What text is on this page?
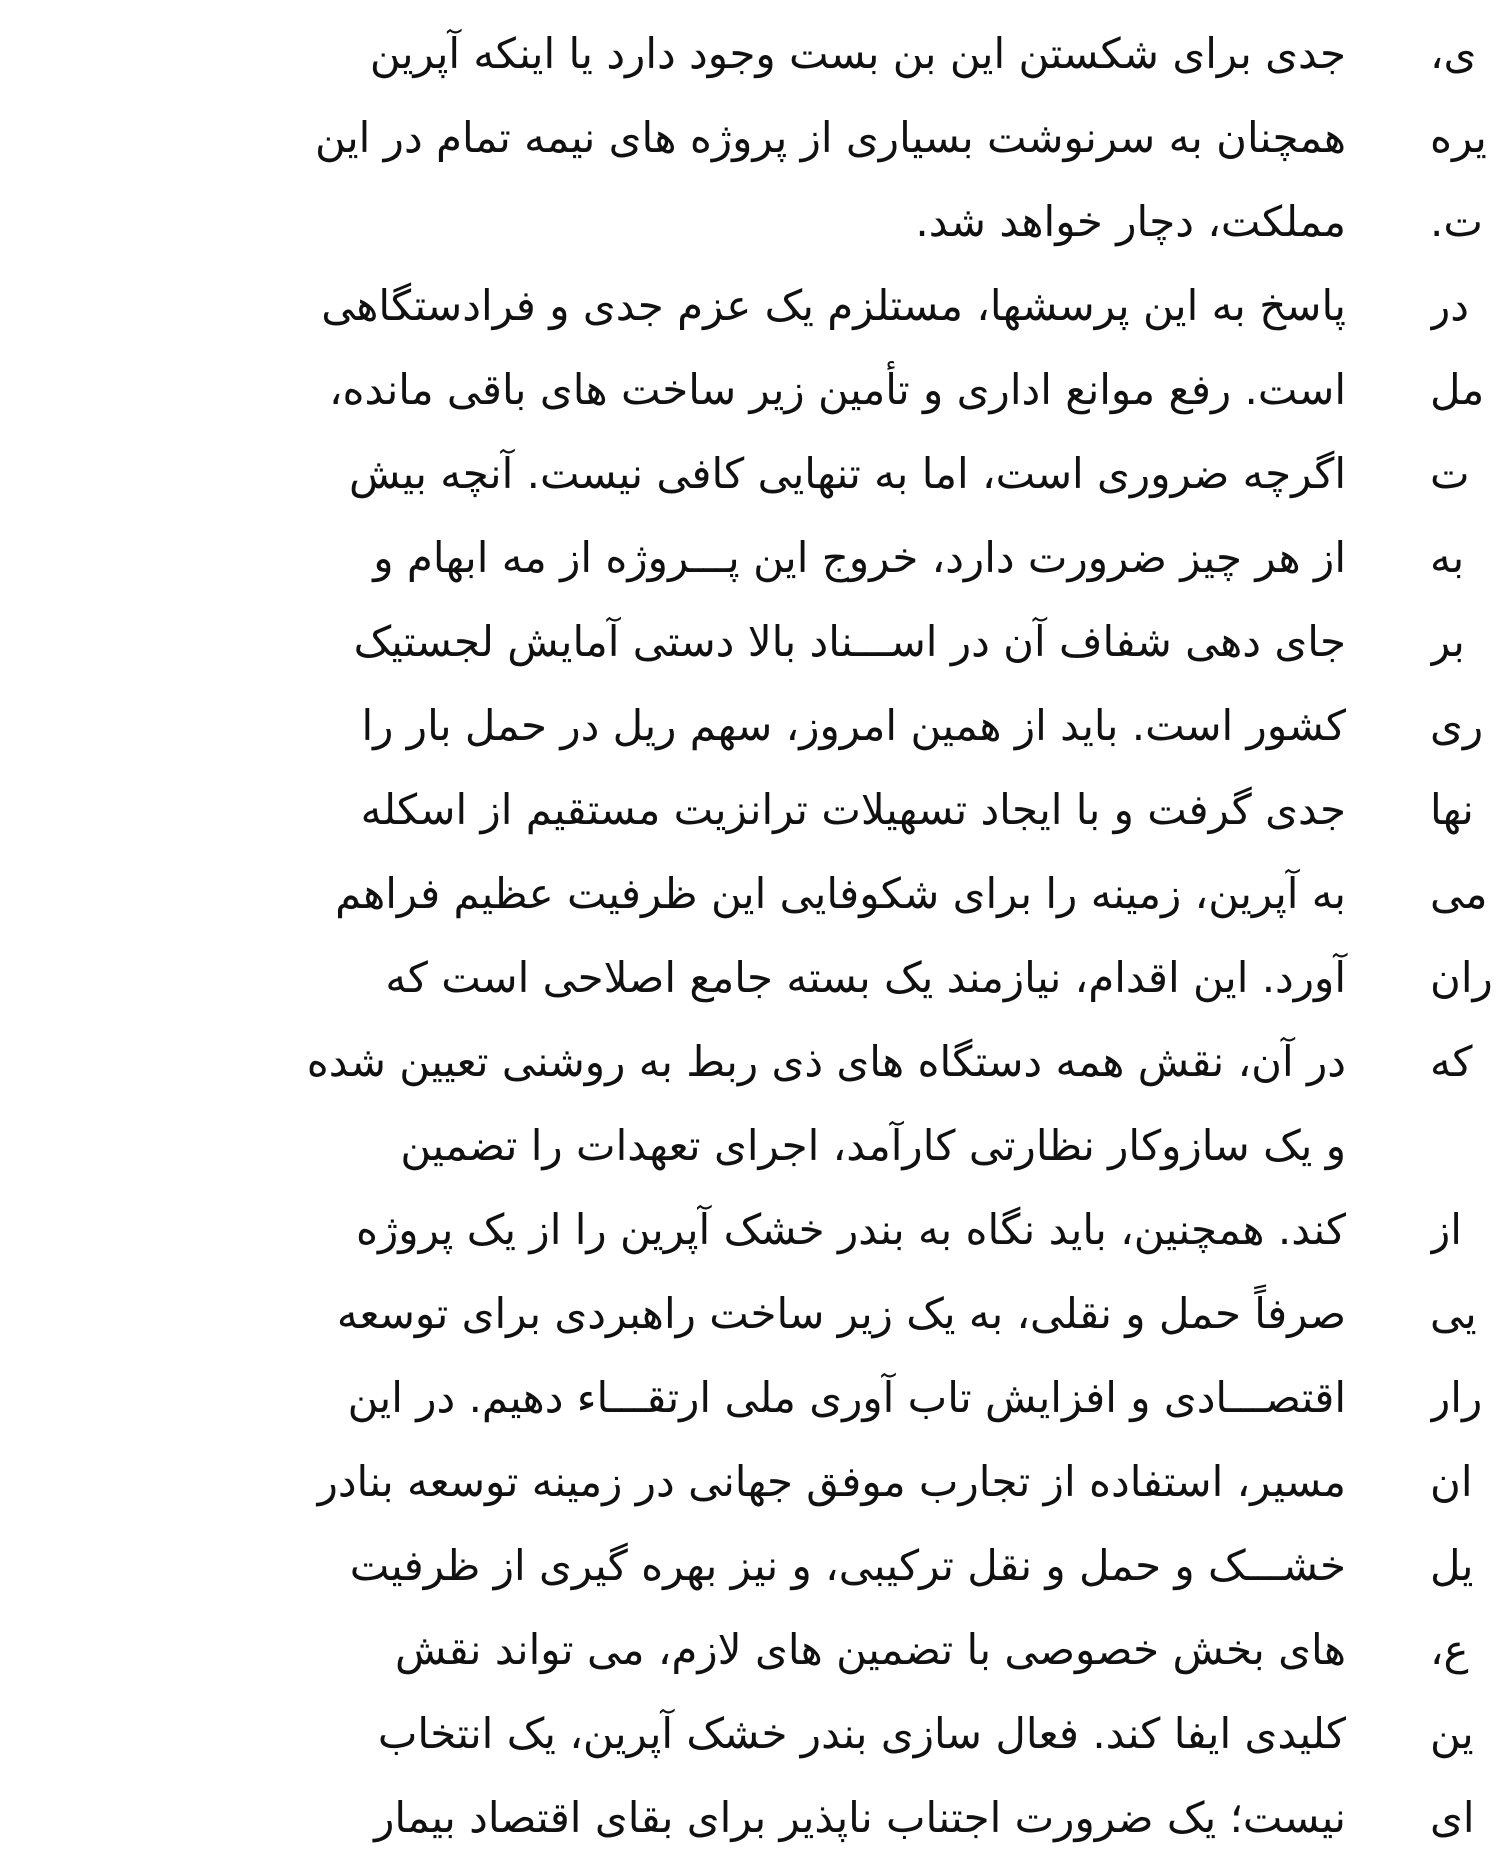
جدی برای شکستن این بن بست وجود دارد یا اینکه آپرین
همچنان به سرنوشت بسیاری از پروژه های نیمه تمام در این
مملکت، دچار خواهد شد.
پاسخ به این پرسشها، مستلزم یک عزم جدی و فرادستگاهی
است. رفع موانع اداری و تأمین زیر ساخت های باقی مانده،
اگرچه ضروری است، اما به تنهایی کافی نیست. آنچه بیش
از هر چیز ضرورت دارد، خروج این پـــروژه از مه ابهام و
جای دهی شفاف آن در اســـناد بالا دستی آمایش لجستیک
کشور است. باید از همین امروز، سهم ریل در حمل بار را
جدی گرفت و با ایجاد تسهیلات ترانزیت مستقیم از اسکله
به آپرین، زمینه را برای شکوفایی این ظرفیت عظیم فراهم
آورد. این اقدام، نیازمند یک بسته جامع اصلاحی است که
در آن، نقش همه دستگاه های ذی ربط به روشنی تعیین شده
و یک سازوکار نظارتی کارآمد، اجرای تعهدات را تضمین
کند. همچنین، باید نگاه به بندر خشک آپرین را از یک پروژه
صرفاً حمل و نقلی، به یک زیر ساخت راهبردی برای توسعه
اقتصـــادی و افزایش تاب آوری ملی ارتقـــاء دهیم. در این
مسیر، استفاده از تجارب موفق جهانی در زمینه توسعه بنادر
خشـــک و حمل و نقل ترکیبی، و نیز بهره گیری از ظرفیت
های بخش خصوصی با تضمین های لازم، می تواند نقش
کلیدی ایفا کند. فعال سازی بندر خشک آپرین، یک انتخاب
نیست؛ یک ضرورت اجتناب ناپذیر برای بقای اقتصاد بیمار
ی،
یره
ت.
در
مل
ت
به
بر
ری
نها
می
ران
که
از
یی
رار
ان
یل
ع،
ین
ای
